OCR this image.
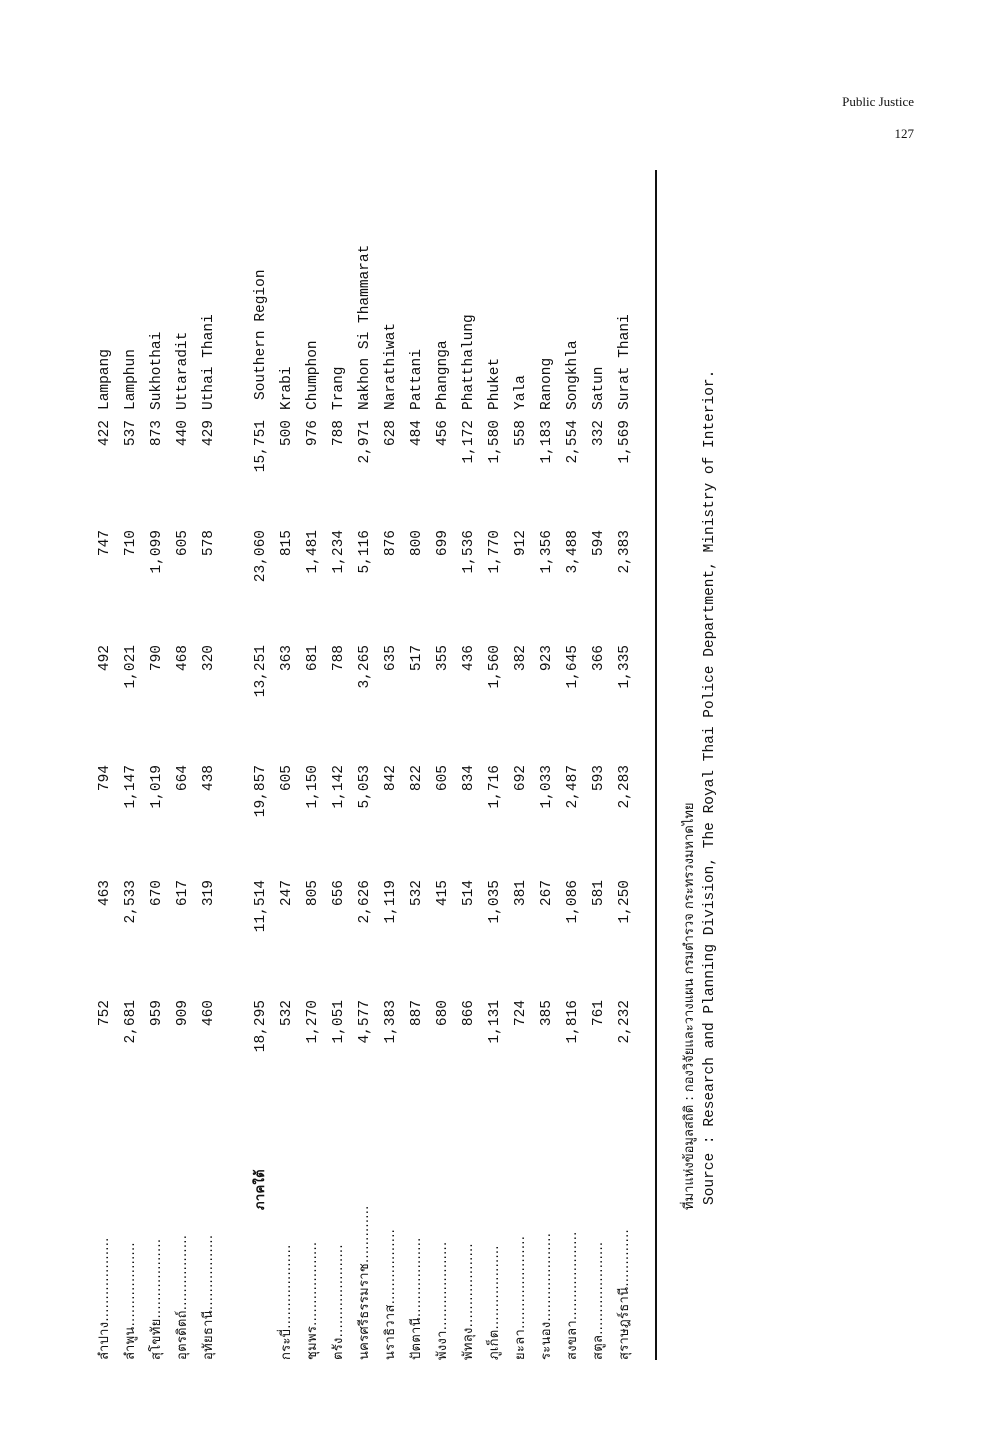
Public Justice
127
ลำปาง...................
752
463
794
492
747
422
Lampang
ลำพูน...................
2,681
2,533
1,147
1,021
710
537
Lamphun
สุโขทัย..................
959
670
1,019
790
1,099
873
Sukhothai
อุตรดิตถ์.................
909
617
664
468
605
440
Uttaradit
อุทัยธานี.................
460
319
438
320
578
429
Uthai Thani
ภาคใต้
18,295
11,514
19,857
13,251
23,060
15,751
Southern Region
กระบี่...................
532
247
605
363
815
500
Krabi
ชุมพร...................
1,270
805
1,150
681
1,481
976
Chumphon
ตรัง.....................
1,051
656
1,142
788
1,234
788
Trang
นครศรีธรรมราช.............
4,577
2,626
5,053
3,265
5,116
2,971
Nakhon Si Thammarat
นราธิวาส.................
1,383
1,119
842
635
876
628
Narathiwat
ปัตตานี..................
887
532
822
517
800
484
Pattani
พังงา....................
680
415
605
355
699
456
Phangnga
พัทลุง...................
866
514
834
436
1,536
1,172
Phatthalung
ภูเก็ต...................
1,131
1,035
1,716
1,560
1,770
1,580
Phuket
ยะลา.....................
724
381
692
382
912
558
Yala
ระนอง....................
385
267
1,033
923
1,356
1,183
Ranong
สงขลา....................
1,816
1,086
2,487
1,645
3,488
2,554
Songkhla
สตูล.....................
761
581
593
366
594
332
Satun
สุราษฎร์ธานี.............
2,232
1,250
2,283
1,335
2,383
1,569
Surat Thani
ที่มาแห่งข้อมูลสถิติ : กองวิจัยและวางแผน กรมตำรวจ กระทรวงมหาดไทย Source : Research and Planning Division, The Royal Thai Police Department, Ministry of Interior.
